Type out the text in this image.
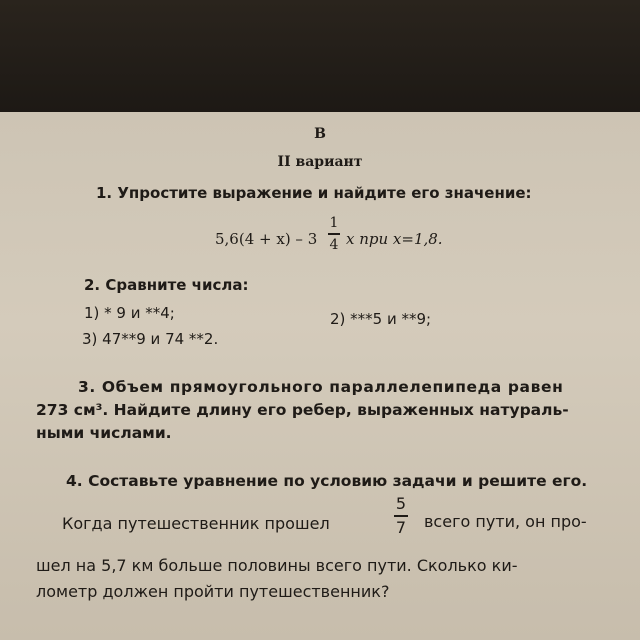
В
II вариант
1. Упростите выражение и найдите его значение:
5,6(4 + x) – 3
1
4 x при x=1,8.
2. Сравните числа:
1) * 9 и **4;	2) ***5 и **9;
3) 47**9 и 74 **2.
3. Объем прямоугольного параллелепипеда равен
273 см³. Найдите длину его ребер, выраженных натураль-
ными числами.
4. Составьте уравнение по условию задачи и решите его.
Когда путешественник прошел
5
7 всего пути, он про-
шел на 5,7 км больше половины всего пути. Сколько ки-
лометр должен пройти путешественник?
